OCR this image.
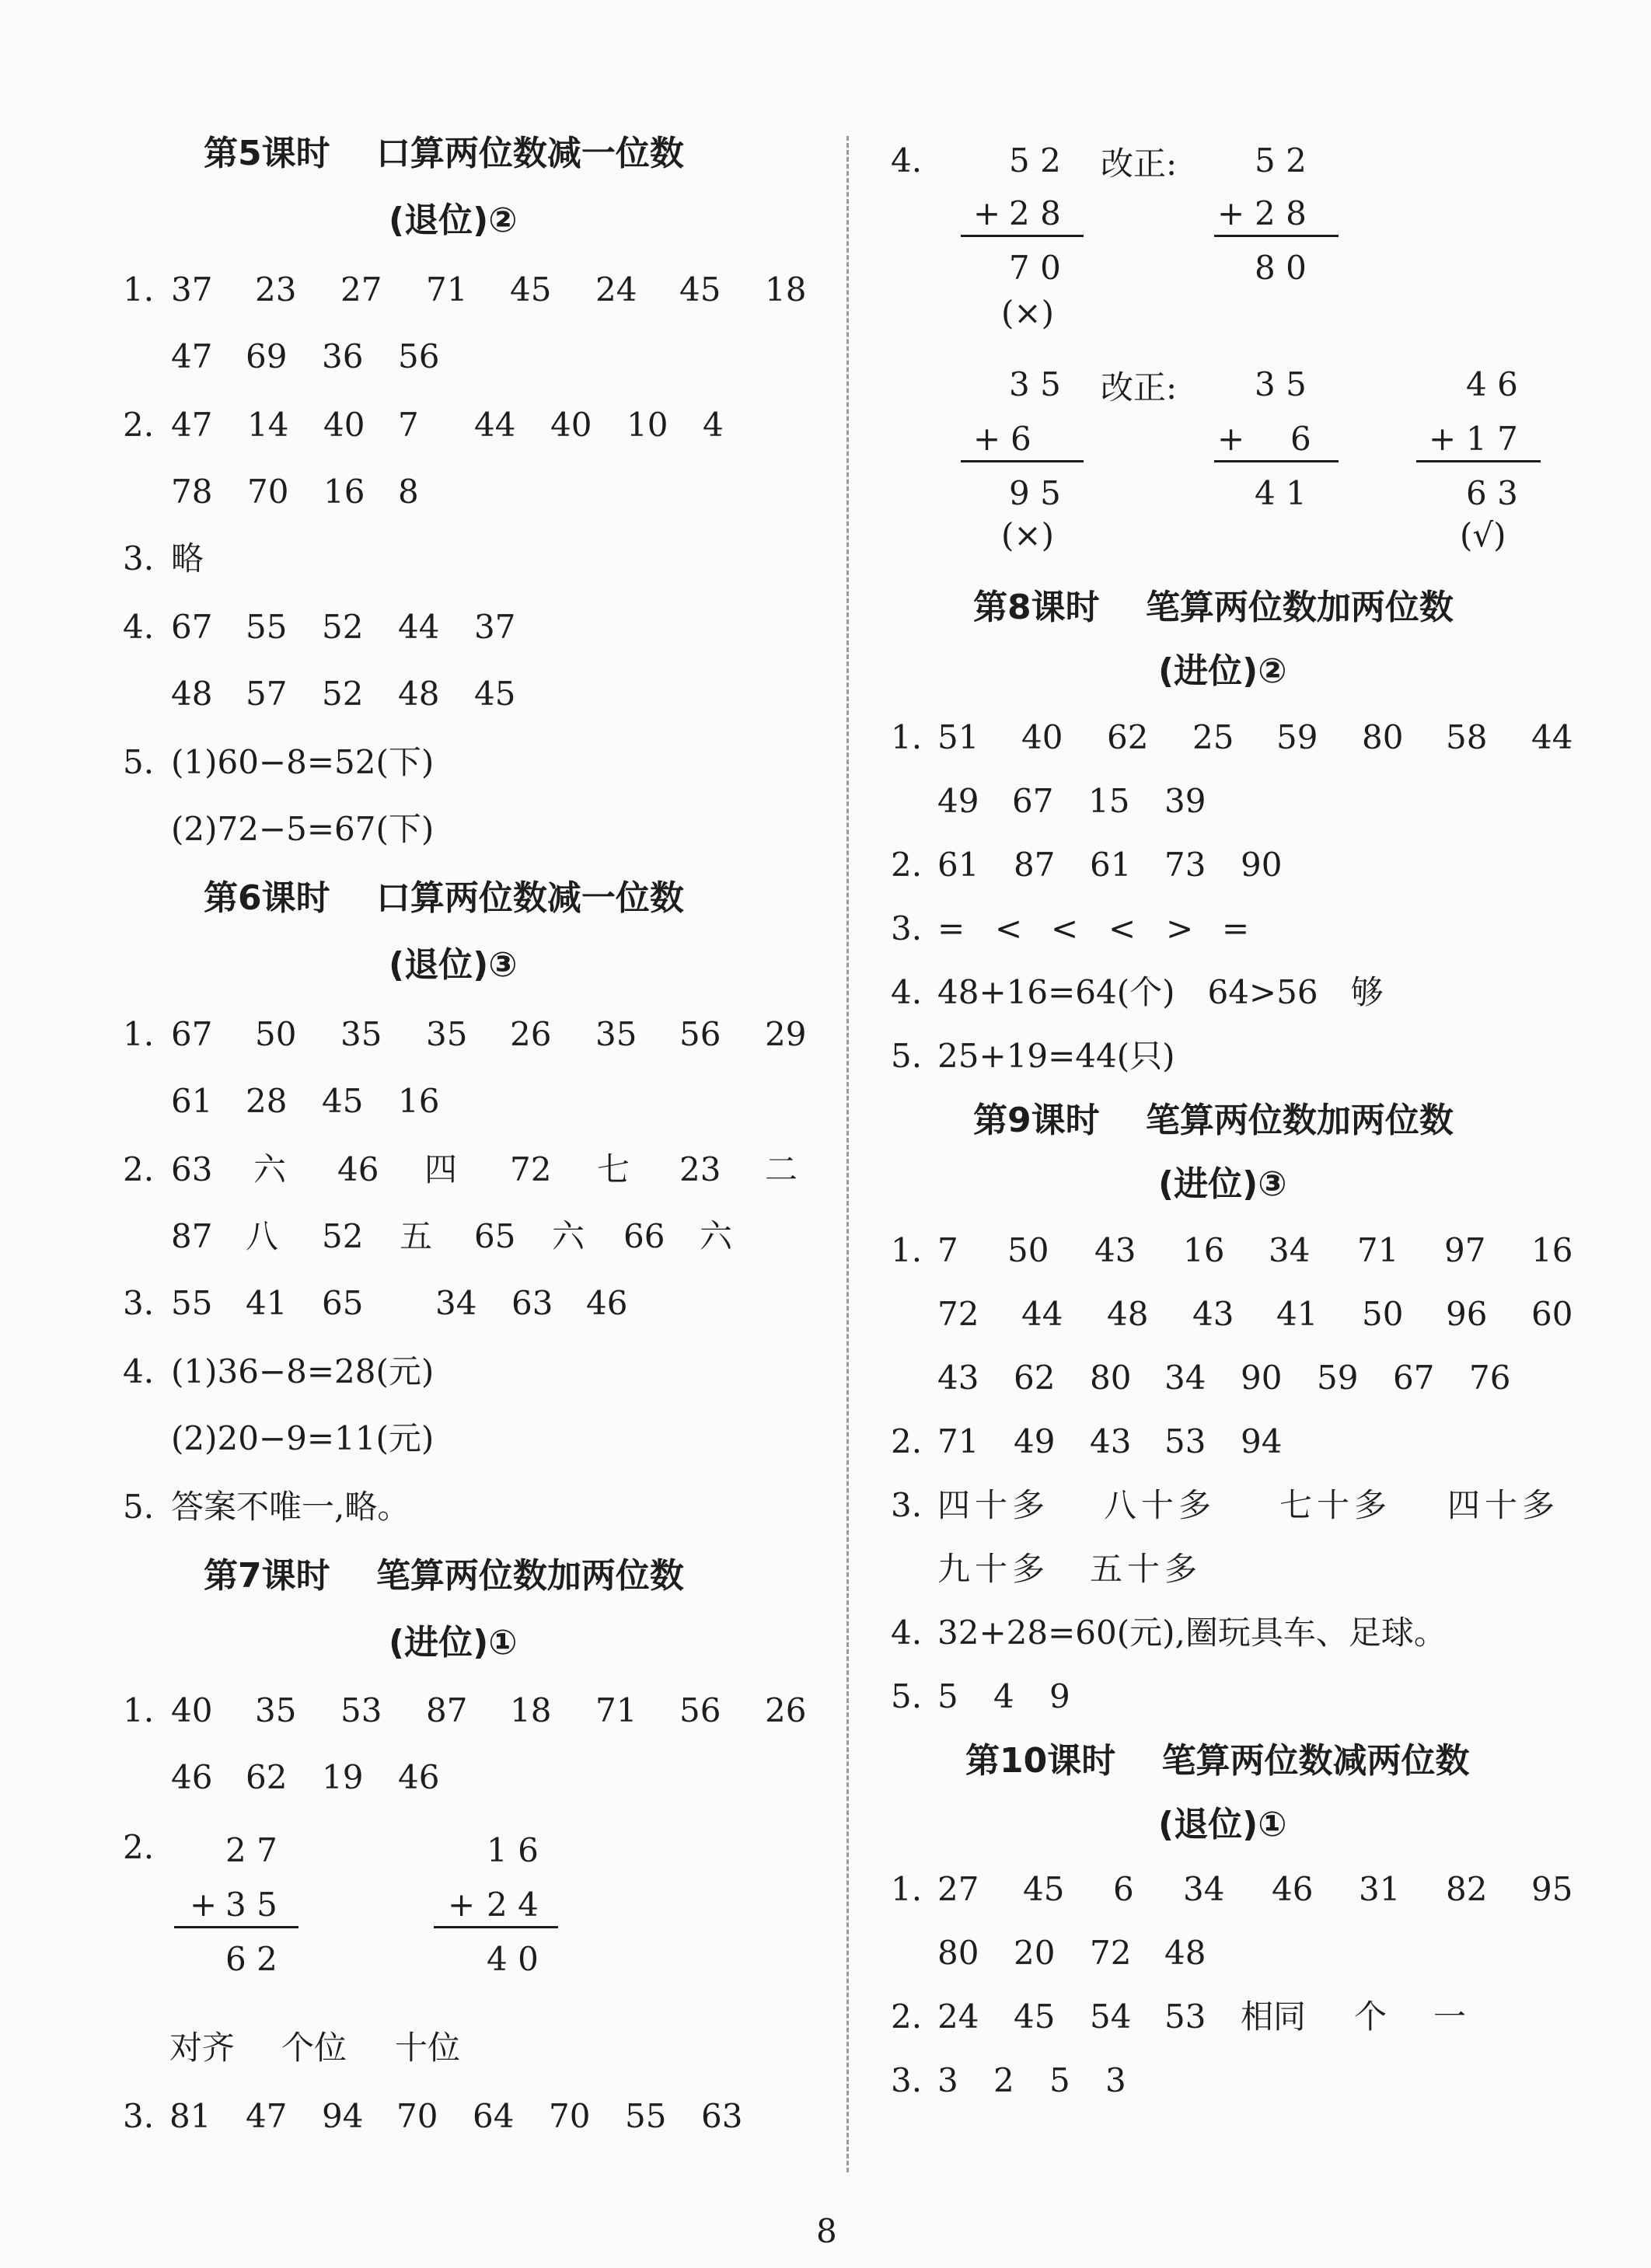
第5课时　 口算两位数减一位数
(退位)②
1. 37 23 27 71 45 24 45 18
47 69 36 56
2. 47 14 40 7 44 40 10 4
78 70 16 8
3. 略
4. 67 55 52 44 37
48 57 52 48 45
5. (1)60−8=52(下)
(2)72−5=67(下)
第6课时　 口算两位数减一位数
(退位)③
1. 67 50 35 35 26 35 56 29
61 28 45 16
2. 63 六 46 四 72 七 23 二
87 八 52 五 65 六 66 六
3. 55 41 65 34 63 46
4. (1)36−8=28(元)
(2)20−9=11(元)
5. 答案不唯一,略。
第7课时　 笔算两位数加两位数
(进位)①
1. 40 35 53 87 18 71 56 26
46 62 19 46
2. 2 7
+ 3 5
6 2
1 6
+ 2 4
4 0
对齐 个位 十位
3. 81 47 94 70 64 70 55 63
4.	5 2
+ 2 8
7 0
(×)
改正: 5 2
+ 2 8
8 0
3 5
+ 6
9 5
(×)
改正: 3 5
+ 6
4 1
4 6
+ 1 7
6 3
(√)
第8课时　 笔算两位数加两位数
(进位)②
1. 51 40 62 25 59 80 58 44
49 67 15 39
2. 61 87 61 73 90
3. = < < < > =
4. 48+16=64(个)　64>56　够
5. 25+19=44(只)
第9课时　 笔算两位数加两位数
(进位)③
1. 7 50 43 16 34 71 97 16
72 44 48 43 41 50 96 60
43 62 80 34 90 59 67 76
2. 71 49 43 53 94
3. 四十多 八十多 七十多 四十多
九十多 五十多
4. 32+28=60(元),圈玩具车、足球。
5. 5 4 9
第10课时　 笔算两位数减两位数
(退位)①
1. 27 45 6 34 46 31 82 95
80 20 72 48
2. 24 45 54 53 相同 个 一
3. 3 2 5 3
8
